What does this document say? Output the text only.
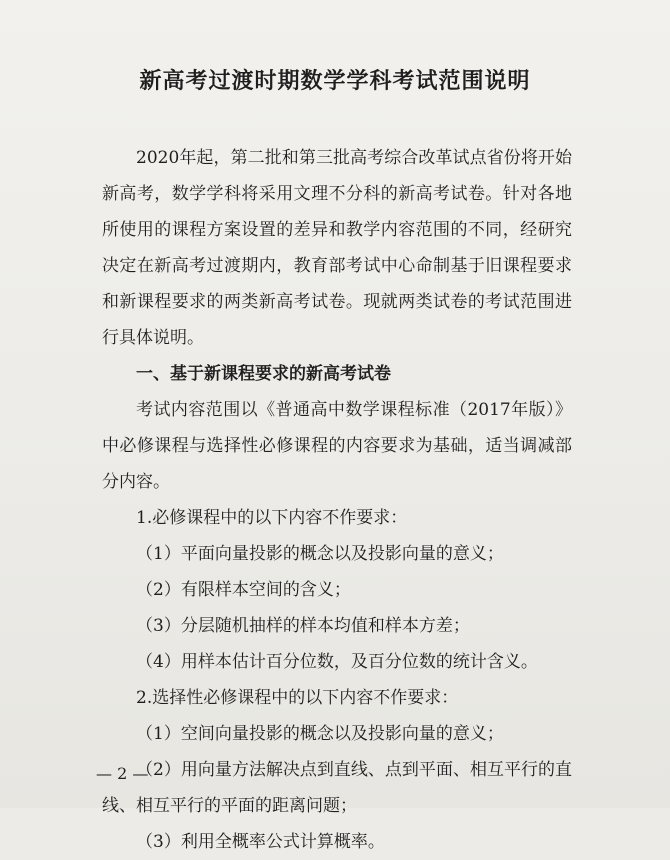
新高考过渡时期数学学科考试范围说明

2020年起，第二批和第三批高考综合改革试点省份将开始新高考，数学学科将采用文理不分科的新高考试卷。针对各地所使用的课程方案设置的差异和教学内容范围的不同，经研究决定在新高考过渡期内，教育部考试中心命制基于旧课程要求和新课程要求的两类新高考试卷。现就两类试卷的考试范围进行具体说明。

一、基于新课程要求的新高考试卷

考试内容范围以《普通高中数学课程标准（2017年版）》中必修课程与选择性必修课程的内容要求为基础，适当调减部分内容。

1.必修课程中的以下内容不作要求：

（1）平面向量投影的概念以及投影向量的意义；

（2）有限样本空间的含义；

（3）分层随机抽样的样本均值和样本方差；

（4）用样本估计百分位数，及百分位数的统计含义。

2.选择性必修课程中的以下内容不作要求：

（1）空间向量投影的概念以及投影向量的意义；

（2）用向量方法解决点到直线、点到平面、相互平行的直线、相互平行的平面的距离问题；

（3）利用全概率公式计算概率。

— 2 —
